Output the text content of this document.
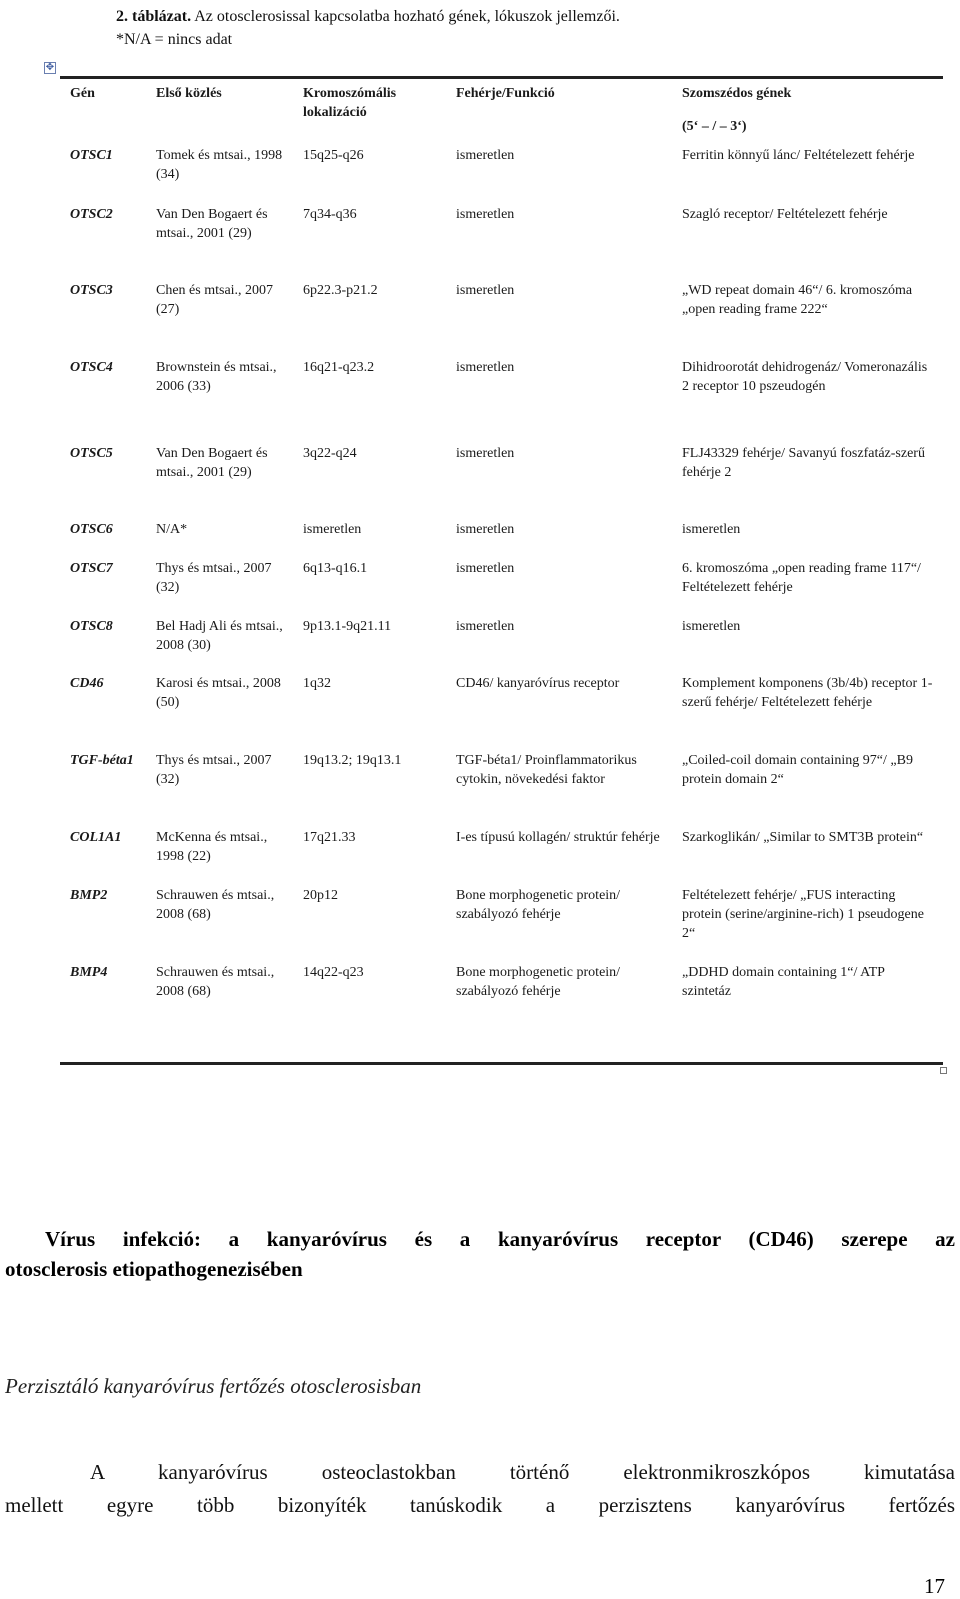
2. táblázat. Az otosclerosissal kapcsolatba hozható gének, lókuszok jellemzői.
*N/A = nincs adat
✥
Gén	Első közlés	Kromoszómális lokalizáció	Fehérje/Funkció	Szomszédos gének
(5‘ – / – 3‘)

OTSC1	Tomek és mtsai., 1998 (34)	15q25-q26	ismeretlen	Ferritin könnyű lánc/ Feltételezett fehérje
OTSC2	Van Den Bogaert és mtsai., 2001 (29)	7q34-q36	ismeretlen	Szagló receptor/ Feltételezett fehérje
OTSC3	Chen és mtsai., 2007 (27)	6p22.3-p21.2	ismeretlen	„WD repeat domain 46“/ 6. kromoszóma „open reading frame 222“
OTSC4	Brownstein és mtsai., 2006 (33)	16q21-q23.2	ismeretlen	Dihidroorotát dehidrogenáz/ Vomeronazális 2 receptor 10 pszeudogén
OTSC5	Van Den Bogaert és mtsai., 2001 (29)	3q22-q24	ismeretlen	FLJ43329 fehérje/ Savanyú foszfatáz-szerű fehérje 2
OTSC6	N/A*	ismeretlen	ismeretlen	ismeretlen
OTSC7	Thys és mtsai., 2007 (32)	6q13-q16.1	ismeretlen	6. kromoszóma „open reading frame 117“/ Feltételezett fehérje
OTSC8	Bel Hadj Ali és mtsai., 2008 (30)	9p13.1-9q21.11	ismeretlen	ismeretlen
CD46	Karosi és mtsai., 2008 (50)	1q32	CD46/ kanyaróvírus receptor	Komplement komponens (3b/4b) receptor 1-szerű fehérje/ Feltételezett fehérje
TGF-béta1	Thys és mtsai., 2007 (32)	19q13.2; 19q13.1	TGF-béta1/ Proinflammatorikus cytokin, növekedési faktor	„Coiled-coil domain containing 97“/ „B9 protein domain 2“
COL1A1	McKenna és mtsai., 1998 (22)	17q21.33	I-es típusú kollagén/ struktúr fehérje	Szarkoglikán/ „Similar to SMT3B protein“
BMP2	Schrauwen és mtsai., 2008 (68)	20p12	Bone morphogenetic protein/ szabályozó fehérje	Feltételezett fehérje/ „FUS interacting protein (serine/arginine-rich) 1 pseudogene 2“
BMP4	Schrauwen és mtsai., 2008 (68)	14q22-q23	Bone morphogenetic protein/ szabályozó fehérje	„DDHD domain containing 1“/ ATP szintetáz
Vírus infekció: a kanyaróvírus és a kanyaróvírus receptor (CD46) szerepe az
otosclerosis etiopathogenezisében
Perzisztáló kanyaróvírus fertőzés otosclerosisban
A kanyaróvírus osteoclastokban történő elektronmikroszkópos kimutatása
mellett egyre több bizonyíték tanúskodik a perzisztens kanyaróvírus fertőzés
17
